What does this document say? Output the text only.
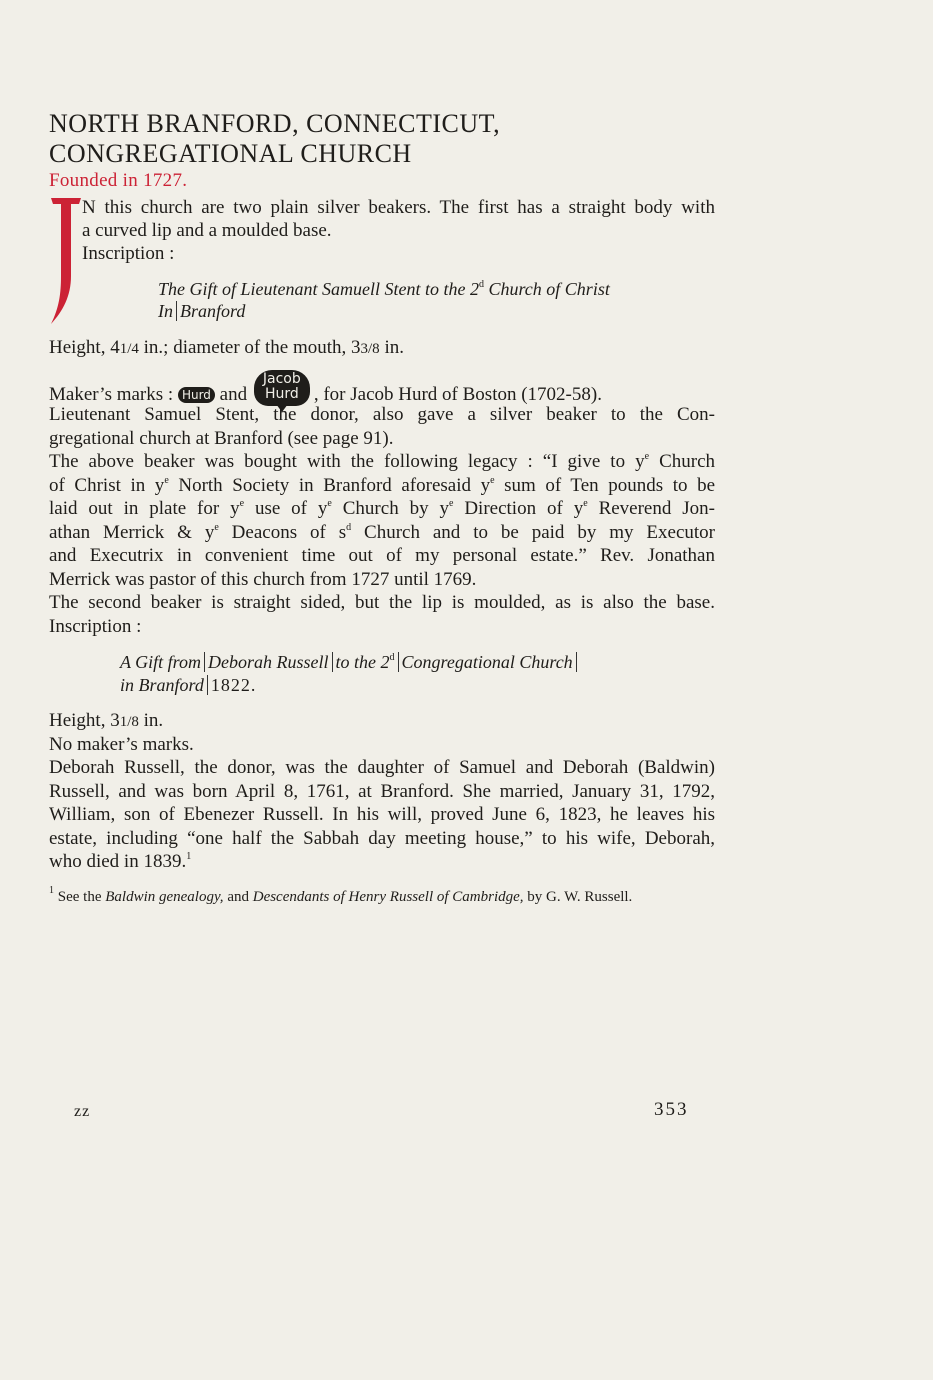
NORTH BRANFORD, CONNECTICUT,
CONGREGATIONAL CHURCH
Founded in 1727.
N this church are two plain silver beakers. The first has a straight body with
a curved lip and a moulded base.
Inscription :
The Gift of Lieutenant Samuell Stent to the 2$^d$ Church of Christ
In Branford
Height, 41/4 in.; diameter of the mouth, 33/8 in.
Maker’s marks : Hurd and
Jacob
Hurd , for Jacob Hurd of Boston (1702-58).
Lieutenant Samuel Stent, the donor, also gave a silver beaker to the Con-
gregational church at Branford (see page 91).
The above beaker was bought with the following legacy : “I give to $y^e$ Church
of Christ in $y^e$ North Society in Branford aforesaid $y^e$ sum of Ten pounds to be
laid out in plate for $y^e$ use of $y^e$ Church by $y^e$ Direction of $y^e$ Reverend Jon-
athan Merrick & $y^e$ Deacons of $s^d$ Church and to be paid by my Executor
and Executrix in convenient time out of my personal estate.” Rev. Jonathan
Merrick was pastor of this church from 1727 until 1769.
The second beaker is straight sided, but the lip is moulded, as is also the base.
Inscription :
A Gift from Deborah Russell to the 2$^d$ Congregational Church
in Branford 1822.
Height, 31/8 in.
No maker’s marks.
Deborah Russell, the donor, was the daughter of Samuel and Deborah (Baldwin)
Russell, and was born April 8, 1761, at Branford. She married, January 31, 1792,
William, son of Ebenezer Russell. In his will, proved June 6, 1823, he leaves his
estate, including “one half the Sabbah day meeting house,” to his wife, Deborah,
who died in 1839.$^1$
$^1$ See the Baldwin genealogy, and Descendants of Henry Russell of Cambridge, by G. W. Russell.
zz	353
